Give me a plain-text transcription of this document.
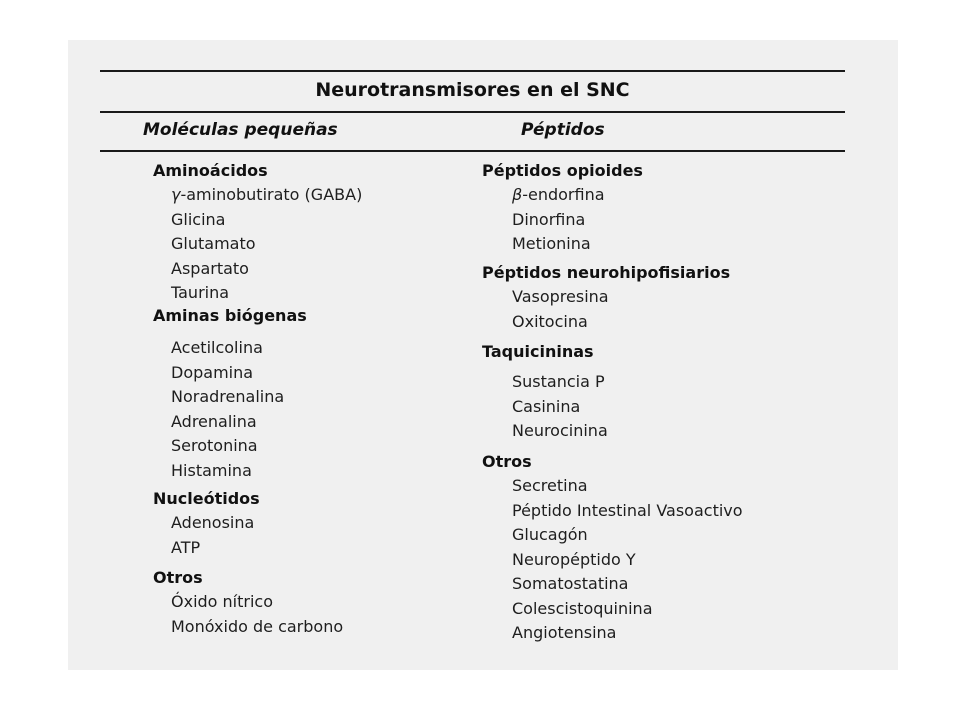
Neurotransmisores en el SNC
Moléculas pequeñas	Péptidos
Aminoácidos
γ-aminobutirato (GABA)
Glicina
Glutamato
Aspartato
Taurina
Aminas biógenas
Acetilcolina
Dopamina
Noradrenalina
Adrenalina
Serotonina
Histamina
Nucleótidos
Adenosina
ATP
Otros
Óxido nítrico
Monóxido de carbono
Péptidos opioides
β-endorfina
Dinorfina
Metionina
Péptidos neurohipofisiarios
Vasopresina
Oxitocina
Taquicininas
Sustancia P
Casinina
Neurocinina
Otros
Secretina
Péptido Intestinal Vasoactivo
Glucagón
Neuropéptido Y
Somatostatina
Colescistoquinina
Angiotensina
